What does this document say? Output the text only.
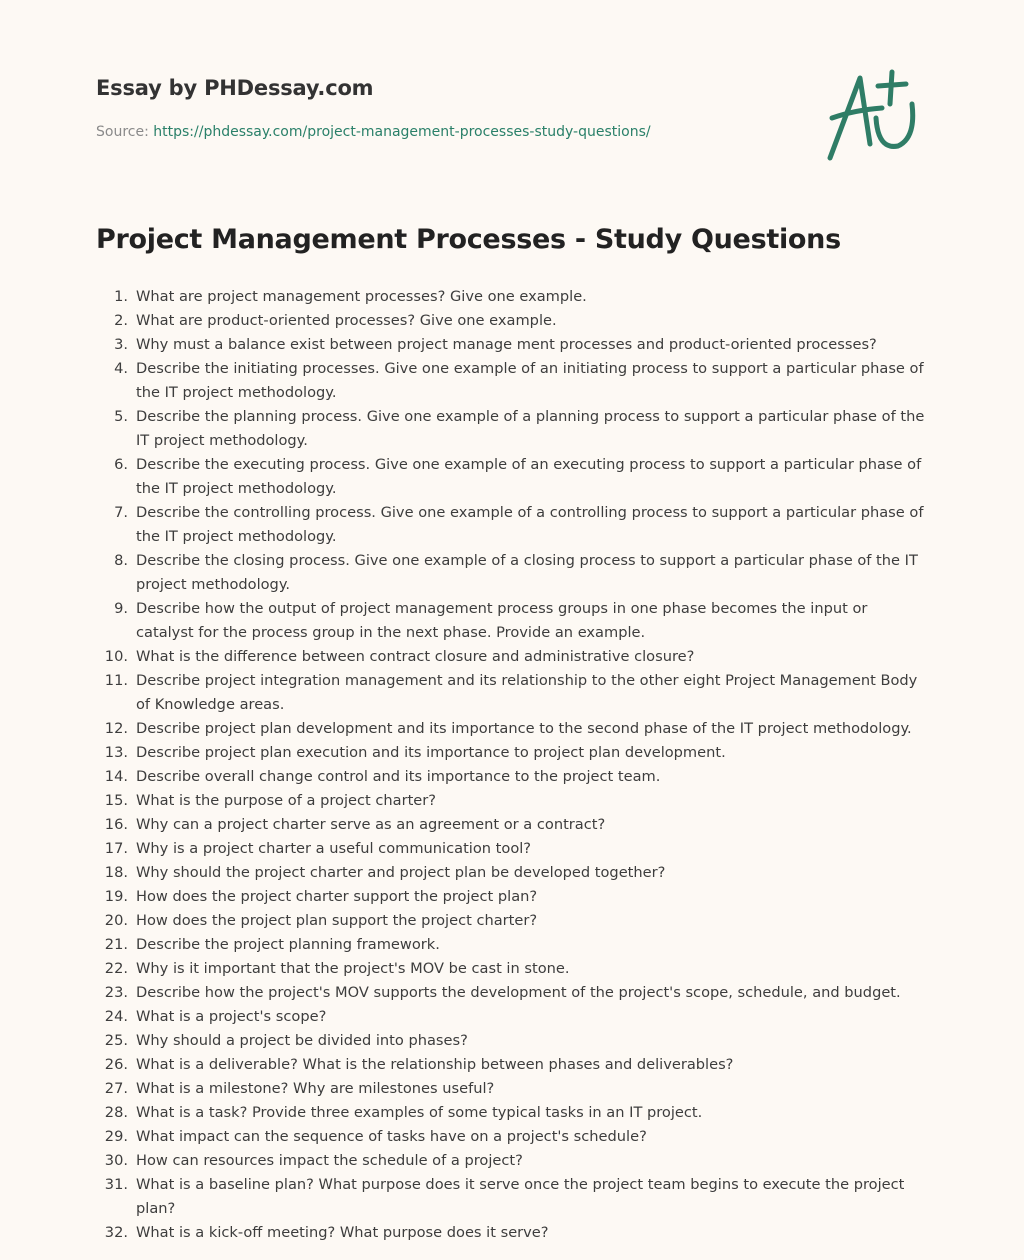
Essay by PHDessay.com
Source: https://phdessay.com/project-management-processes-study-questions/
Project Management Processes - Study Questions
1. What are project management processes? Give one example.
2. What are product-oriented processes? Give one example.
3. Why must a balance exist between project manage ment processes and product-oriented processes?
4. Describe the initiating processes. Give one example of an initiating process to support a particular phase of the IT project methodology.
5. Describe the planning process. Give one example of a planning process to support a particular phase of the IT project methodology.
6. Describe the executing process. Give one example of an executing process to support a particular phase of the IT project methodology.
7. Describe the controlling process. Give one example of a controlling process to support a particular phase of the IT project methodology.
8. Describe the closing process. Give one example of a closing process to support a particular phase of the IT project methodology.
9. Describe how the output of project management process groups in one phase becomes the input or catalyst for the process group in the next phase. Provide an example.
10. What is the difference between contract closure and administrative closure?
11. Describe project integration management and its relationship to the other eight Project Management Body of Knowledge areas.
12. Describe project plan development and its importance to the second phase of the IT project methodology.
13. Describe project plan execution and its importance to project plan development.
14. Describe overall change control and its importance to the project team.
15. What is the purpose of a project charter?
16. Why can a project charter serve as an agreement or a contract?
17. Why is a project charter a useful communication tool?
18. Why should the project charter and project plan be developed together?
19. How does the project charter support the project plan?
20. How does the project plan support the project charter?
21. Describe the project planning framework.
22. Why is it important that the project's MOV be cast in stone.
23. Describe how the project's MOV supports the development of the project's scope, schedule, and budget.
24. What is a project's scope?
25. Why should a project be divided into phases?
26. What is a deliverable? What is the relationship between phases and deliverables?
27. What is a milestone? Why are milestones useful?
28. What is a task? Provide three examples of some typical tasks in an IT project.
29. What impact can the sequence of tasks have on a project's schedule?
30. How can resources impact the schedule of a project?
31. What is a baseline plan? What purpose does it serve once the project team begins to execute the project plan?
32. What is a kick-off meeting? What purpose does it serve?
